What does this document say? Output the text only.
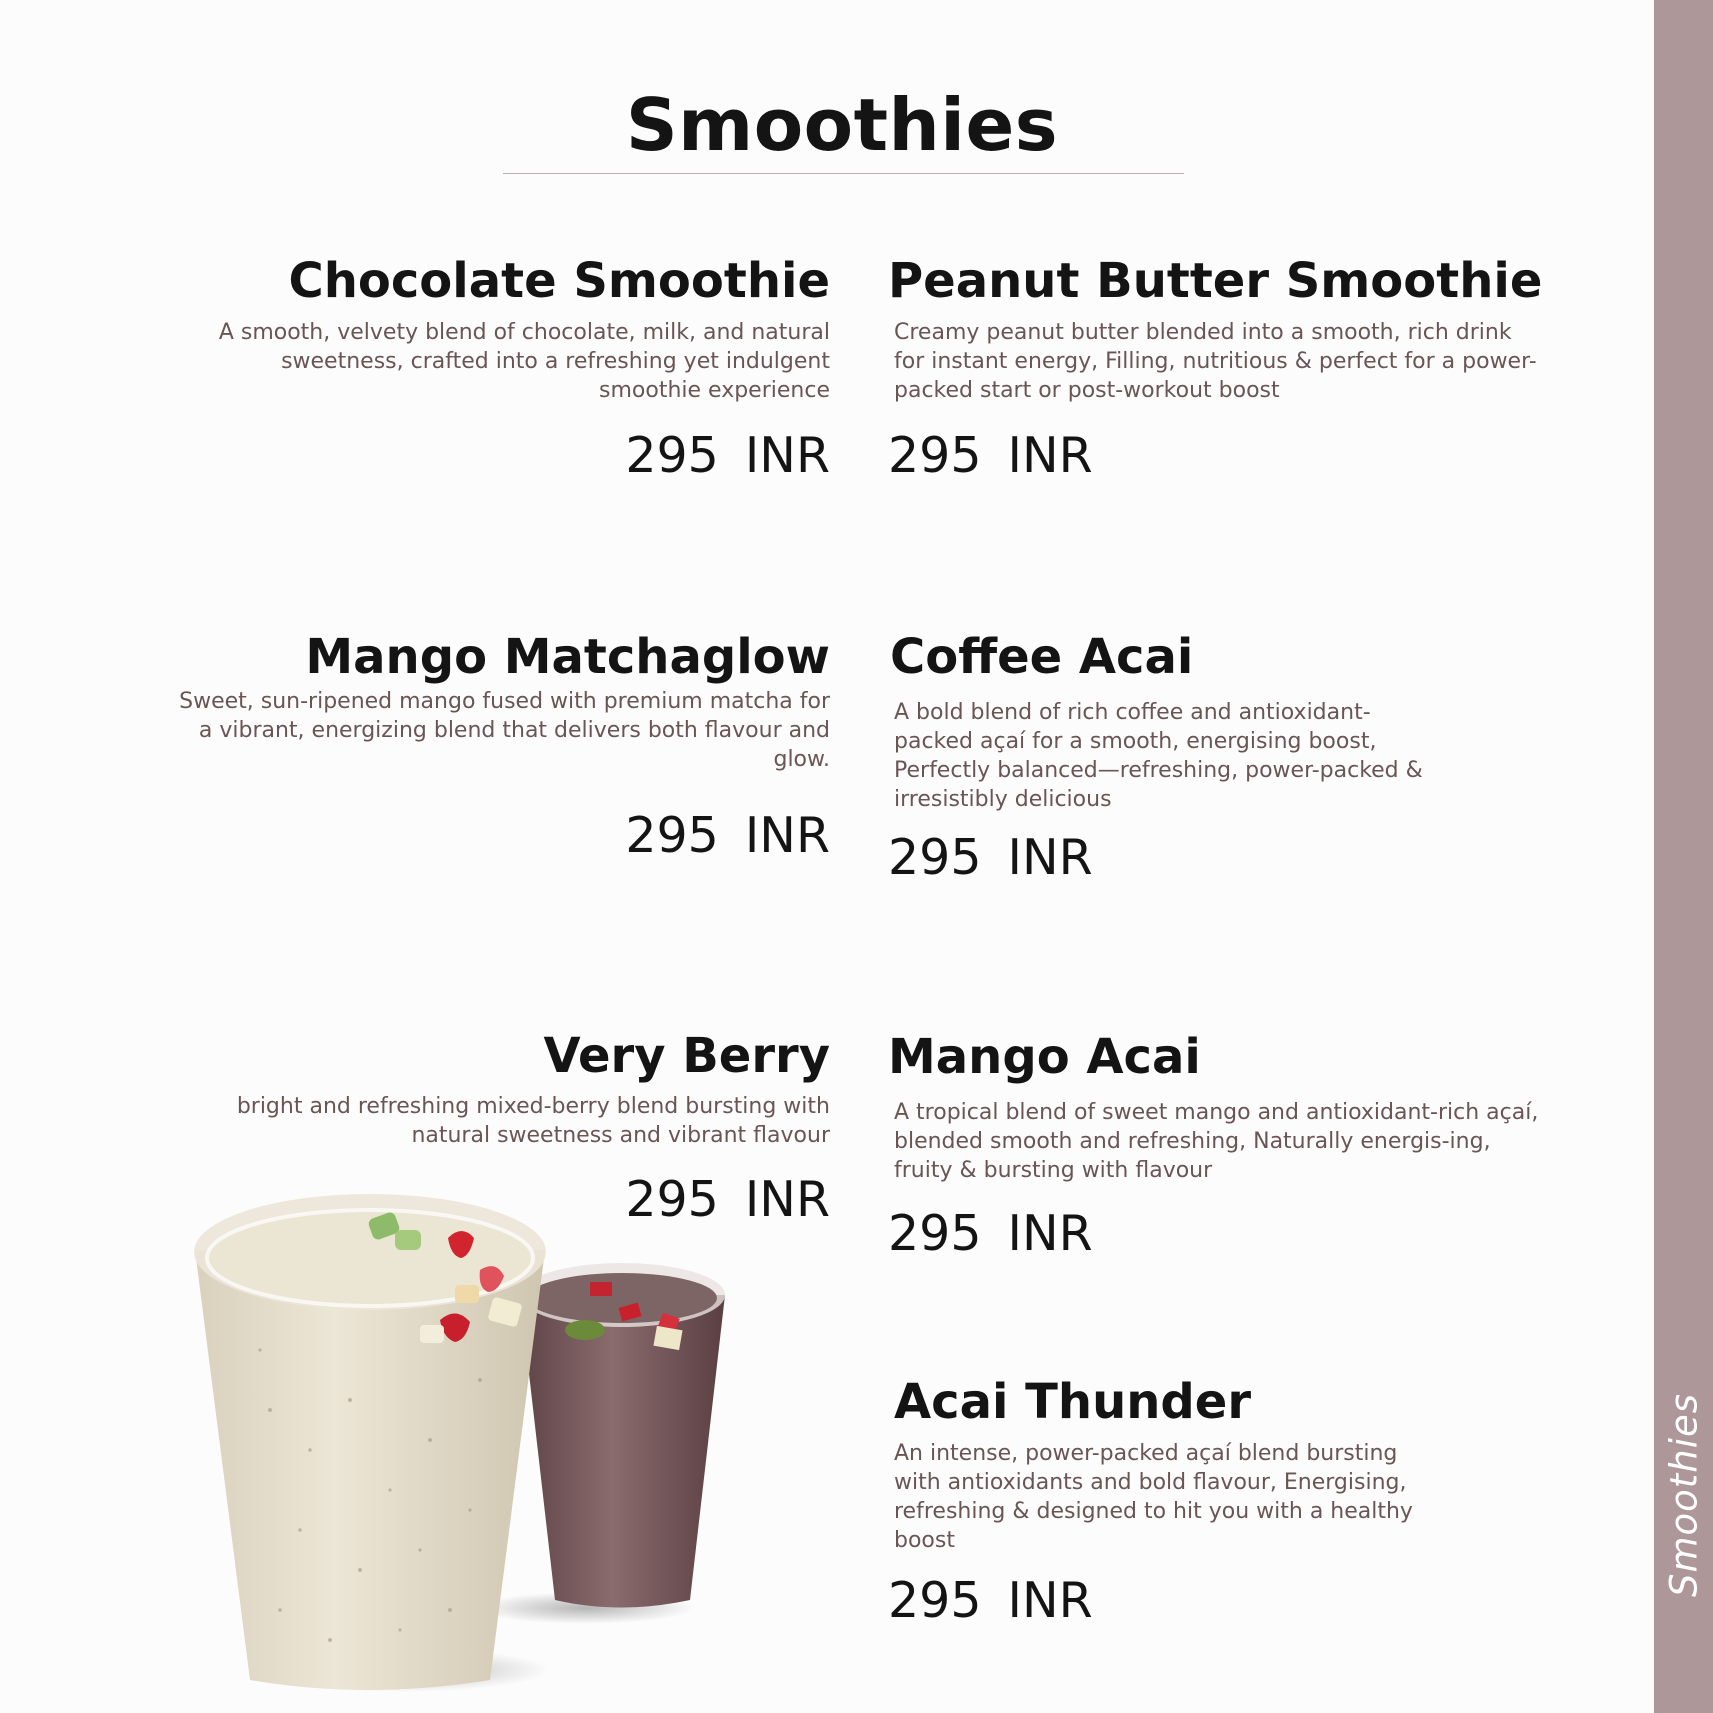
Smoothies
Chocolate Smoothie
A smooth, velvety blend of chocolate, milk, and natural sweetness, crafted into a refreshing yet indulgent smoothie experience
295 INR
Mango Matchaglow
Sweet, sun-ripened mango fused with premium matcha for a vibrant, energizing blend that delivers both flavour and glow.
295 INR
Very Berry
bright and refreshing mixed-berry blend bursting with natural sweetness and vibrant flavour
295 INR
Peanut Butter Smoothie
Creamy peanut butter blended into a smooth, rich drink for instant energy, Filling, nutritious & perfect for a power-packed start or post-workout boost
295 INR
Coffee Acai
A bold blend of rich coffee and antioxidant-packed açaí for a smooth, energising boost, Perfectly balanced—refreshing, power-packed & irresistibly delicious
295 INR
Mango Acai
A tropical blend of sweet mango and antioxidant-rich açaí, blended smooth and refreshing, Naturally energis-ing, fruity & bursting with flavour
295 INR
Acai Thunder
An intense, power-packed açaí blend bursting with antioxidants and bold flavour, Energising, refreshing & designed to hit you with a healthy boost
295 INR
Smoothies
